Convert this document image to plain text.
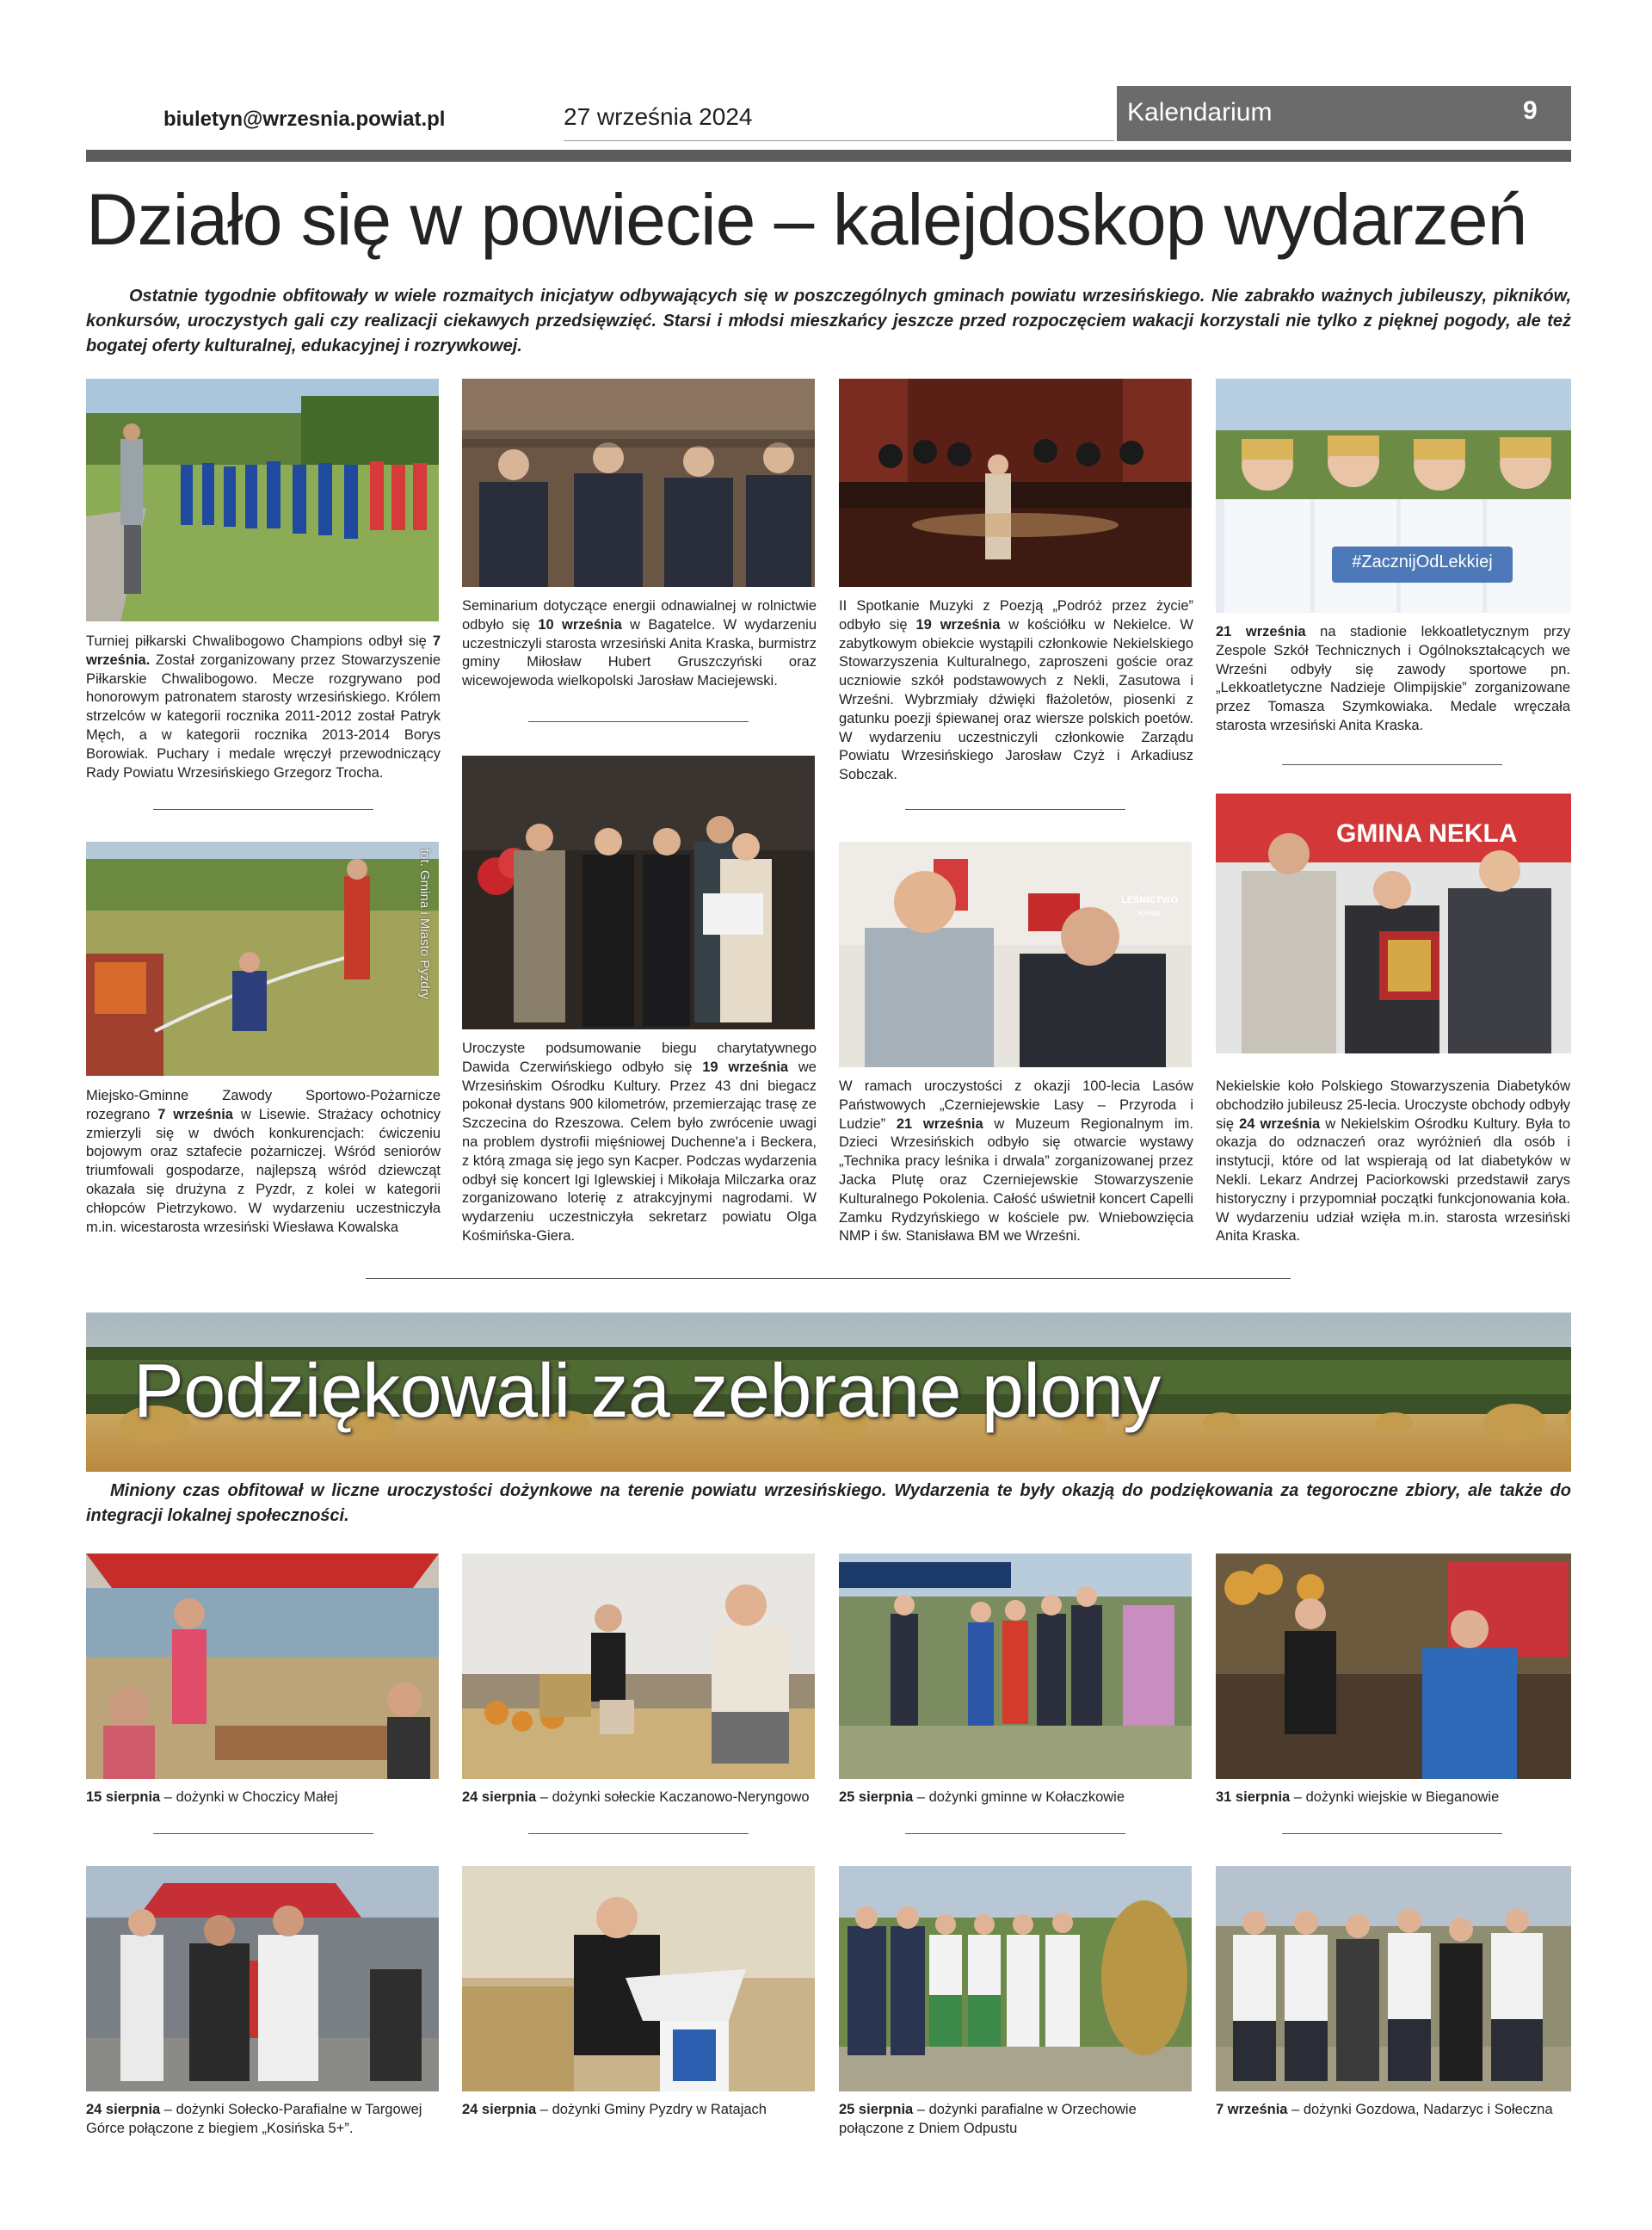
biuletyn@wrzesnia.powiat.pl	27 września 2024	Kalendarium	9
Działo się w powiecie – kalejdoskop wydarzeń
Ostatnie tygodnie obfitowały w wiele rozmaitych inicjatyw odbywających się w poszczególnych gminach powiatu wrzesińskiego. Nie zabrakło ważnych jubileuszy, pikników, konkursów, uroczystych gali czy realizacji ciekawych przedsięwzięć. Starsi i młodsi mieszkańcy jeszcze przed rozpoczęciem wakacji korzystali nie tylko z pięknej pogody, ale też bogatej oferty kulturalnej, edukacyjnej i rozrywkowej.
#ZacznijOdLekkiej
Turniej piłkarski Chwalibogowo Champions odbył się 7 września. Został zorganizowany przez Stowarzyszenie Piłkarskie Chwalibogowo. Mecze rozgrywano pod honorowym patronatem starosty wrzesińskiego. Królem strzelców w kategorii rocznika 2011-2012 został Patryk Męch, a w kategorii rocznika 2013-2014 Borys Borowiak. Puchary i medale wręczył przewodniczący Rady Powiatu Wrzesińskiego Grzegorz Trocha.
Seminarium dotyczące energii odnawialnej w rolnictwie odbyło się 10 września w Bagatelce. W wydarzeniu uczestniczyli starosta wrzesiński Anita Kraska, burmistrz gminy Miłosław Hubert Gruszczyński oraz wicewojewoda wielkopolski Jarosław Maciejewski.
II Spotkanie Muzyki z Poezją „Podróż przez życie” odbyło się 19 września w kościółku w Nekielce. W zabytkowym obiekcie wystąpili członkowie Nekielskiego Stowarzyszenia Kulturalnego, zaproszeni goście oraz uczniowie szkół podstawowych z Nekli, Zasutowa i Wrześni. Wybrzmiały dźwięki fłażoletów, piosenki z gatunku poezji śpiewanej oraz wiersze polskich poetów. W wydarzeniu uczestniczyli członkowie Zarządu Powiatu Wrzesińskiego Jarosław Czyż i Arkadiusz Sobczak.
21 września na stadionie lekkoatletycznym przy Zespole Szkół Technicznych i Ogólnokształcących we Wrześni odbyły się zawody sportowe pn. „Lekkoatletyczne Nadzieje Olimpijskie” zorganizowane przez Tomasza Szymkowiaka. Medale wręczała starosta wrzesiński Anita Kraska.
fot. Gmina i Miasto Pyzdry	LEŚNICTWO
KARW
GMINA NEKLA
Miejsko-Gminne Zawody Sportowo-Pożarnicze rozegrano 7 września w Lisewie. Strażacy ochotnicy zmierzyli się w dwóch konkurencjach: ćwiczeniu bojowym oraz sztafecie pożarniczej. Wśród seniorów triumfowali gospodarze, najlepszą wśród dziewcząt okazała się drużyna z Pyzdr, z kolei w kategorii chłopców Pietrzykowo. W wydarzeniu uczestniczyła m.in. wicestarosta wrzesiński Wiesława Kowalska
Uroczyste podsumowanie biegu charytatywnego Dawida Czerwińskiego odbyło się 19 września we Wrzesińskim Ośrodku Kultury. Przez 43 dni biegacz pokonał dystans 900 kilometrów, przemierzając trasę ze Szczecina do Rzeszowa. Celem było zwrócenie uwagi na problem dystrofii mięśniowej Duchenne'a i Beckera, z którą zmaga się jego syn Kacper. Podczas wydarzenia odbył się koncert Igi Iglewskiej i Mikołaja Milczarka oraz zorganizowano loterię z atrakcyjnymi nagrodami. W wydarzeniu uczestniczyła sekretarz powiatu Olga Kośmińska-Giera.
W ramach uroczystości z okazji 100-lecia Lasów Państwowych „Czerniejewskie Lasy – Przyroda i Ludzie” 21 września w Muzeum Regionalnym im. Dzieci Wrzesińskich odbyło się otwarcie wystawy „Technika pracy leśnika i drwala” zorganizowanej przez Jacka Plutę oraz Czerniejewskie Stowarzyszenie Kulturalnego Pokolenia. Całość uświetnił koncert Capelli Zamku Rydzyńskiego w kościele pw. Wniebowzięcia NMP i św. Stanisława BM we Wrześni.
Nekielskie koło Polskiego Stowarzyszenia Diabetyków obchodziło jubileusz 25-lecia. Uroczyste obchody odbyły się 24 września w Nekielskim Ośrodku Kultury. Była to okazja do odznaczeń oraz wyróżnień dla osób i instytucji, które od lat wspierają od lat diabetyków w Nekli. Lekarz Andrzej Paciorkowski przedstawił zarys historyczny i przypomniał początki funkcjonowania koła. W wydarzeniu udział wzięła m.in. starosta wrzesiński Anita Kraska.
Podziękowali za zebrane plony
Miniony czas obfitował w liczne uroczystości dożynkowe na terenie powiatu wrzesińskiego. Wydarzenia te były okazją do podziękowania za tegoroczne zbiory, ale także do integracji lokalnej społeczności.
15 sierpnia – dożynki w Choczicy Małej	24 sierpnia – dożynki sołeckie Kaczanowo-Neryngowo	25 sierpnia – dożynki gminne w Kołaczkowie	31 sierpnia – dożynki wiejskie w Bieganowie
24 sierpnia – dożynki Sołecko-Parafialne w Targowej Górce połączone z biegiem „Kosińska 5+”.
24 sierpnia – dożynki Gminy Pyzdry w Ratajach	25 sierpnia – dożynki parafialne w Orzechowie połączone z Dniem Odpustu
7 września – dożynki Gozdowa, Nadarzyc i Sołeczna
